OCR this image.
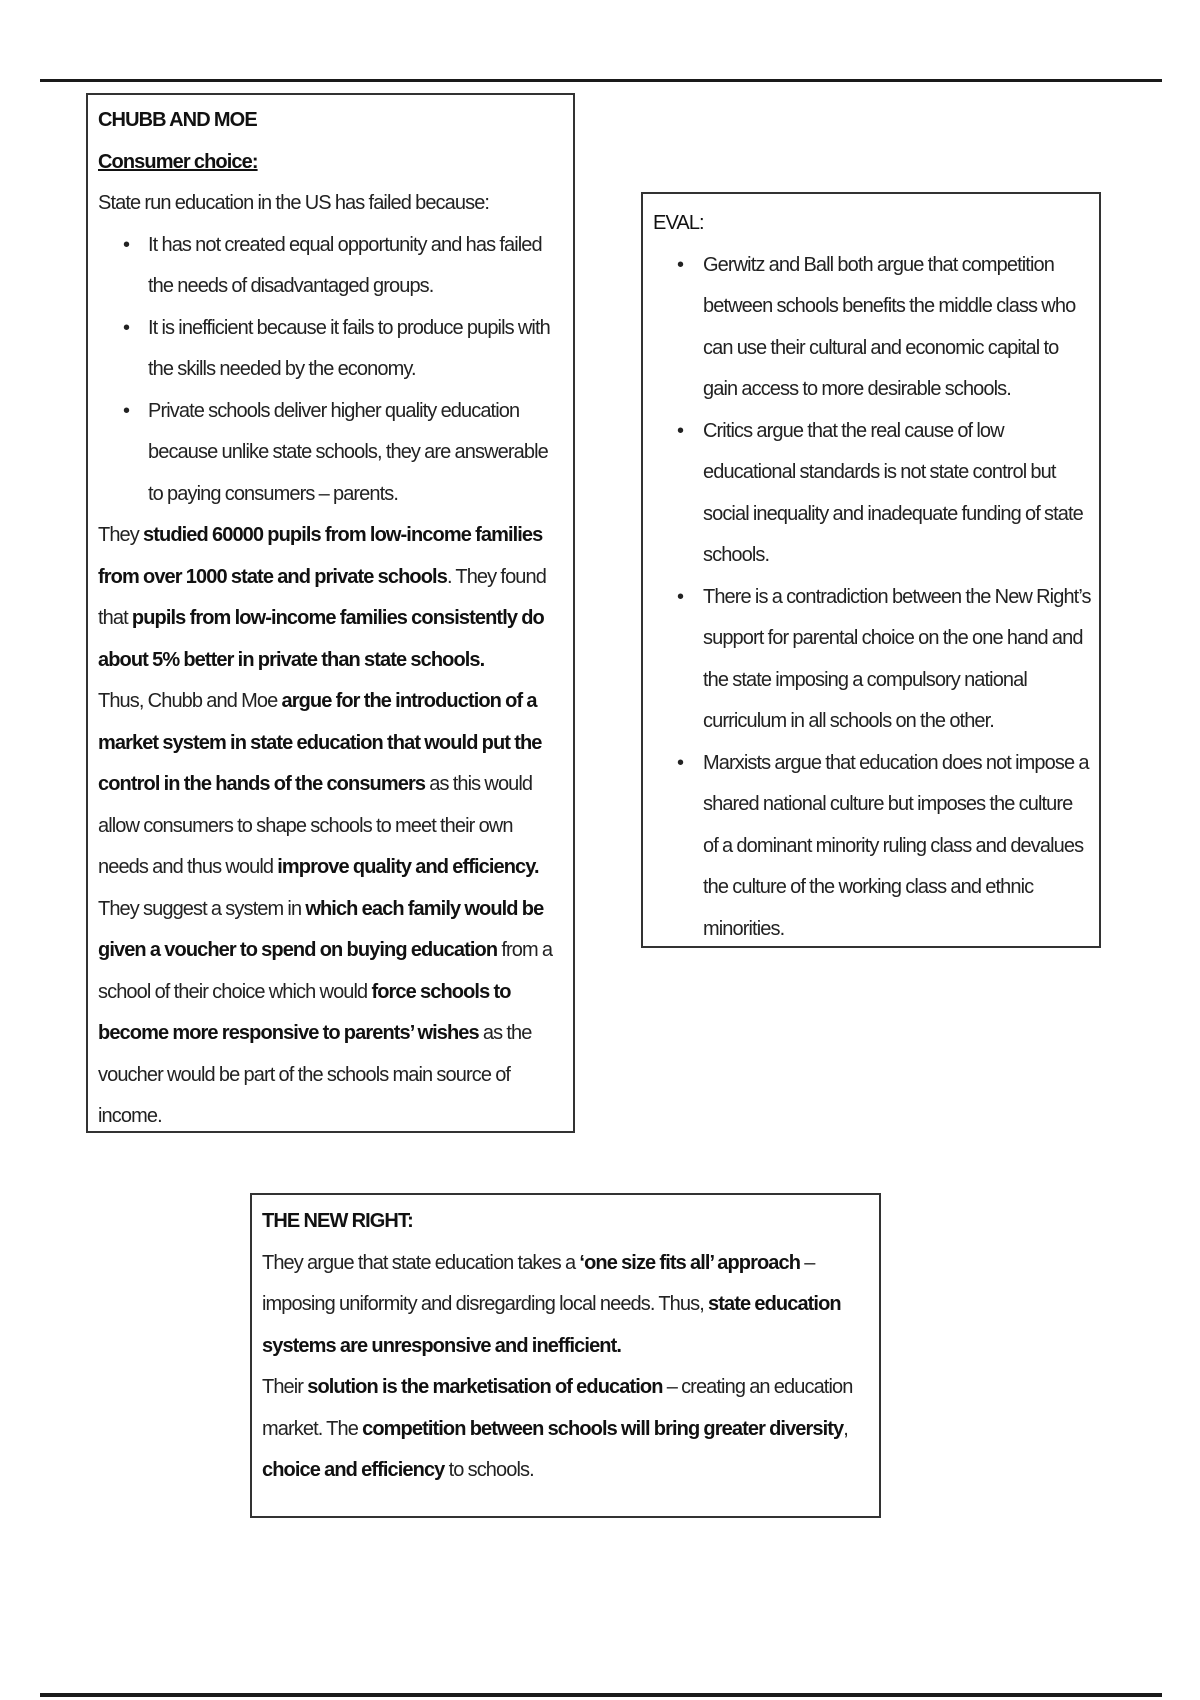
CHUBB AND MOE

Consumer choice:

State run education in the US has failed because:

• It has not created equal opportunity and has failed the needs of disadvantaged groups.
• It is inefficient because it fails to produce pupils with the skills needed by the economy.
• Private schools deliver higher quality education because unlike state schools, they are answerable to paying consumers – parents.

They studied 60000 pupils from low-income families from over 1000 state and private schools. They found that pupils from low-income families consistently do about 5% better in private than state schools.

Thus, Chubb and Moe argue for the introduction of a market system in state education that would put the control in the hands of the consumers as this would allow consumers to shape schools to meet their own needs and thus would improve quality and efficiency.

They suggest a system in which each family would be given a voucher to spend on buying education from a school of their choice which would force schools to become more responsive to parents’ wishes as the voucher would be part of the schools main source of income.

EVAL:

• Gerwitz and Ball both argue that competition between schools benefits the middle class who can use their cultural and economic capital to gain access to more desirable schools.
• Critics argue that the real cause of low educational standards is not state control but social inequality and inadequate funding of state schools.
• There is a contradiction between the New Right’s support for parental choice on the one hand and the state imposing a compulsory national curriculum in all schools on the other.
• Marxists argue that education does not impose a shared national culture but imposes the culture of a dominant minority ruling class and devalues the culture of the working class and ethnic minorities.

THE NEW RIGHT:

They argue that state education takes a ‘one size fits all’ approach – imposing uniformity and disregarding local needs. Thus, state education systems are unresponsive and inefficient.

Their solution is the marketisation of education – creating an education market. The competition between schools will bring greater diversity, choice and efficiency to schools.
